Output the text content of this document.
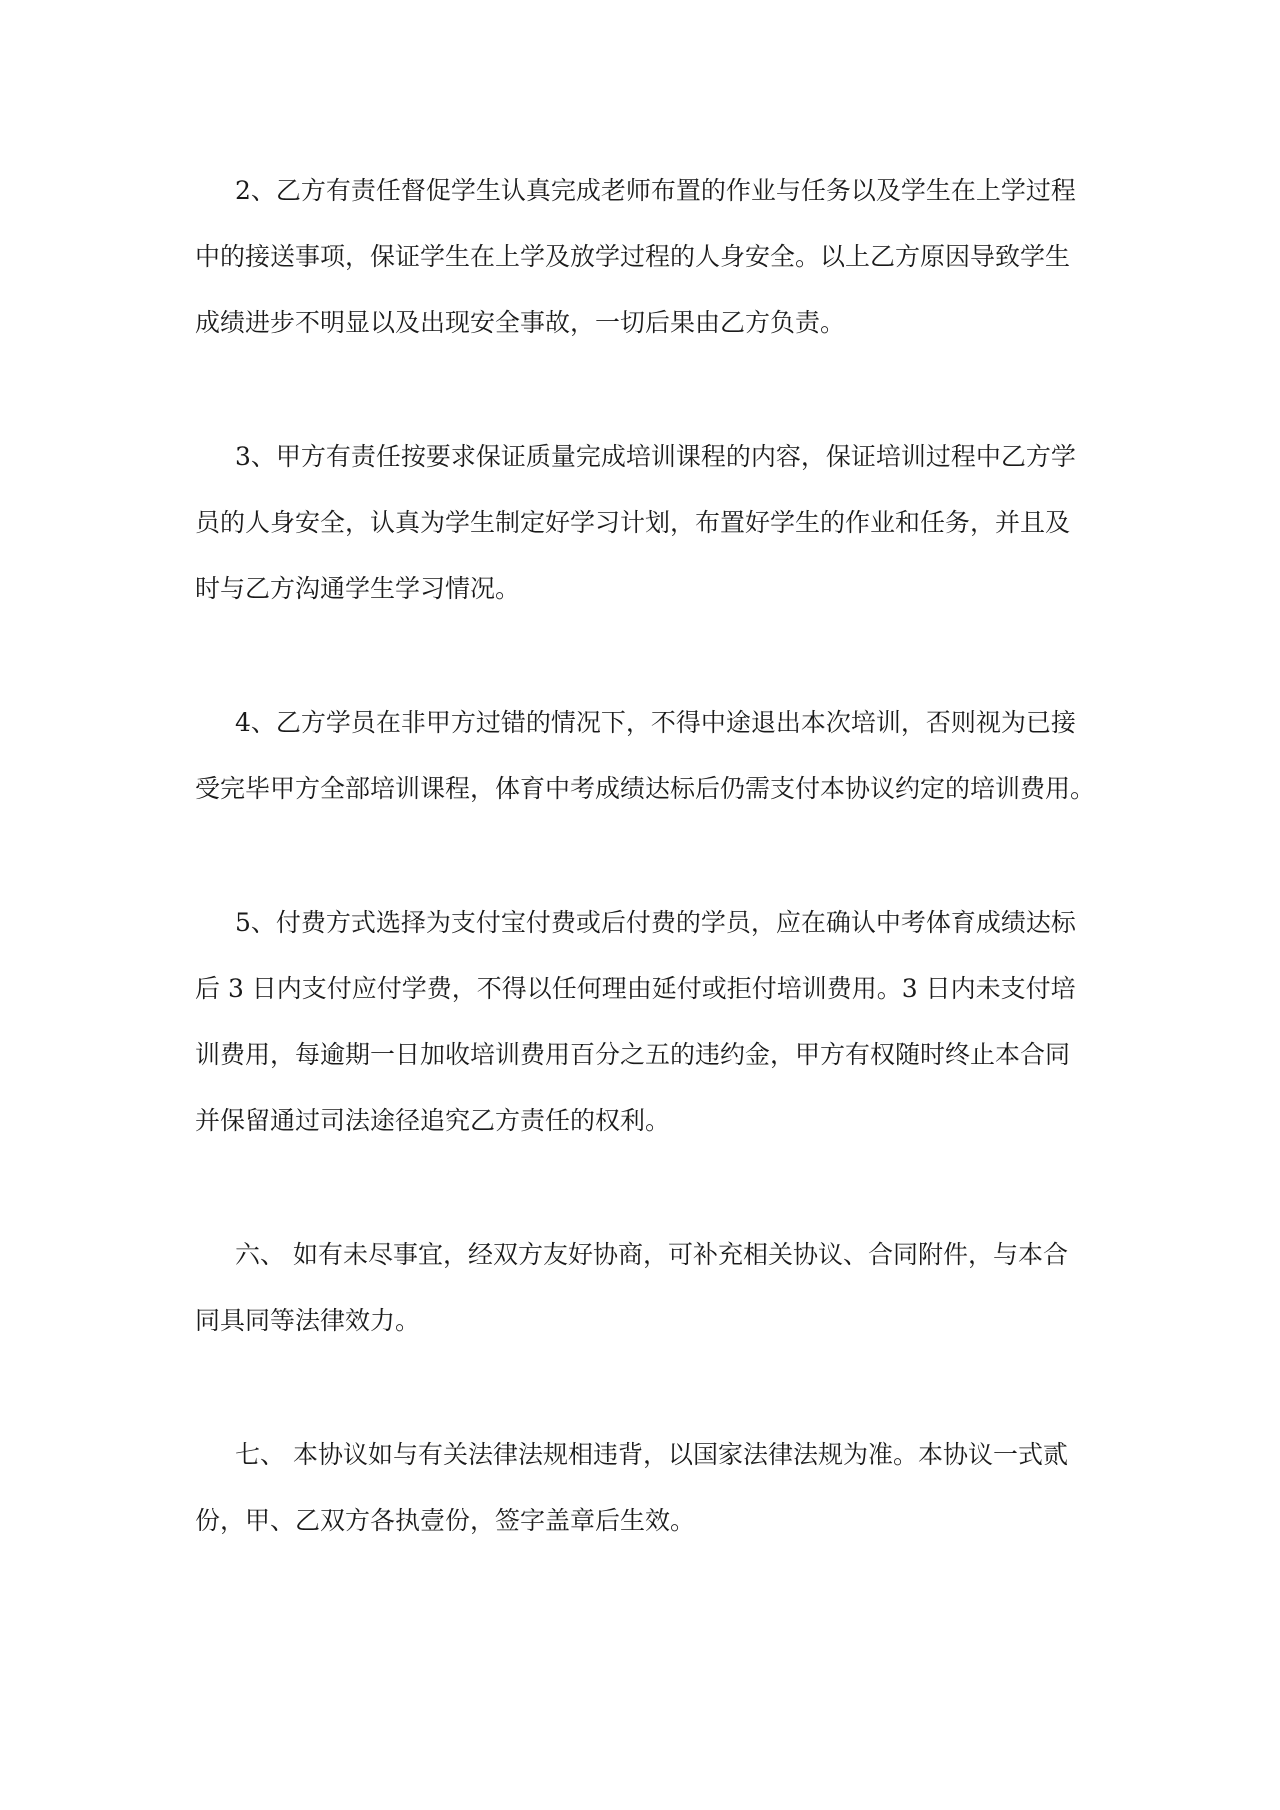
2、乙方有责任督促学生认真完成老师布置的作业与任务以及学生在上学过程
中的接送事项，保证学生在上学及放学过程的人身安全。以上乙方原因导致学生
成绩进步不明显以及出现安全事故，一切后果由乙方负责。
3、甲方有责任按要求保证质量完成培训课程的内容，保证培训过程中乙方学
员的人身安全，认真为学生制定好学习计划，布置好学生的作业和任务，并且及
时与乙方沟通学生学习情况。
4、乙方学员在非甲方过错的情况下，不得中途退出本次培训，否则视为已接
受完毕甲方全部培训课程，体育中考成绩达标后仍需支付本协议约定的培训费用。
5、付费方式选择为支付宝付费或后付费的学员，应在确认中考体育成绩达标
后 3 日内支付应付学费，不得以任何理由延付或拒付培训费用。3 日内未支付培
训费用，每逾期一日加收培训费用百分之五的违约金，甲方有权随时终止本合同
并保留通过司法途径追究乙方责任的权利。
六、 如有未尽事宜，经双方友好协商，可补充相关协议、合同附件，与本合
同具同等法律效力。
七、 本协议如与有关法律法规相违背，以国家法律法规为准。本协议一式贰
份，甲、乙双方各执壹份，签字盖章后生效。
